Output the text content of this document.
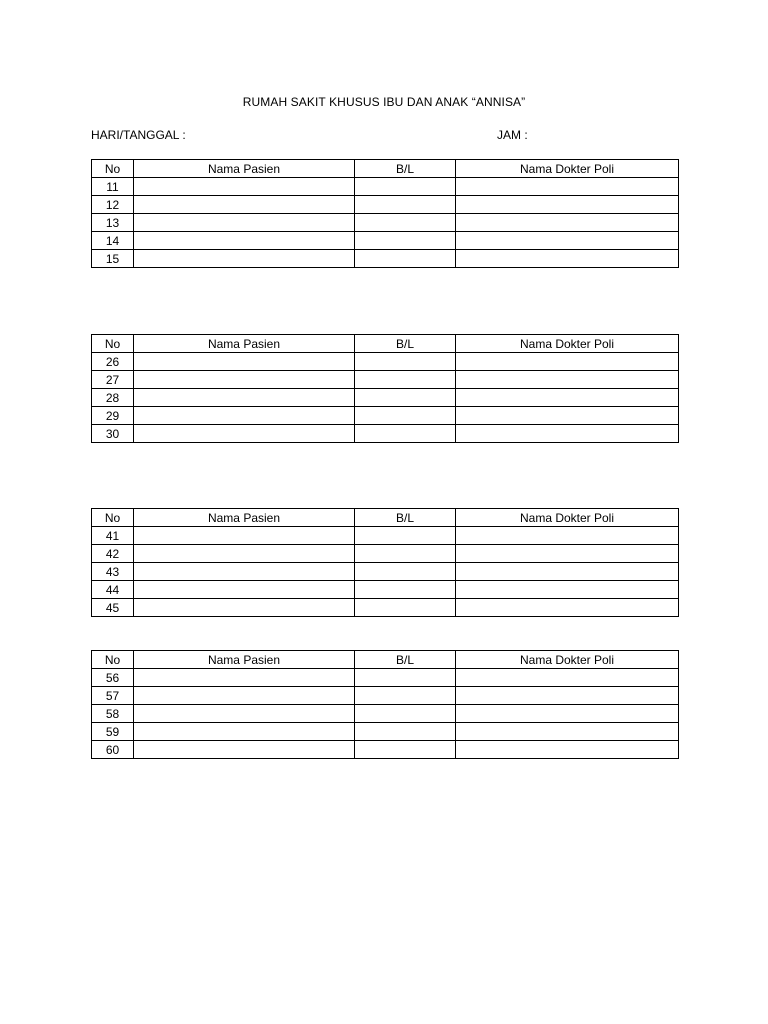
RUMAH SAKIT KHUSUS IBU DAN ANAK “ANNISA”
HARI/TANGGAL :	JAM :
No	Nama Pasien	B/L	Nama Dokter Poli
11			
12			
13			
14			
15			
No	Nama Pasien	B/L	Nama Dokter Poli
26			
27			
28			
29			
30			
No	Nama Pasien	B/L	Nama Dokter Poli
41			
42			
43			
44			
45			
No	Nama Pasien	B/L	Nama Dokter Poli
56			
57			
58			
59			
60			
